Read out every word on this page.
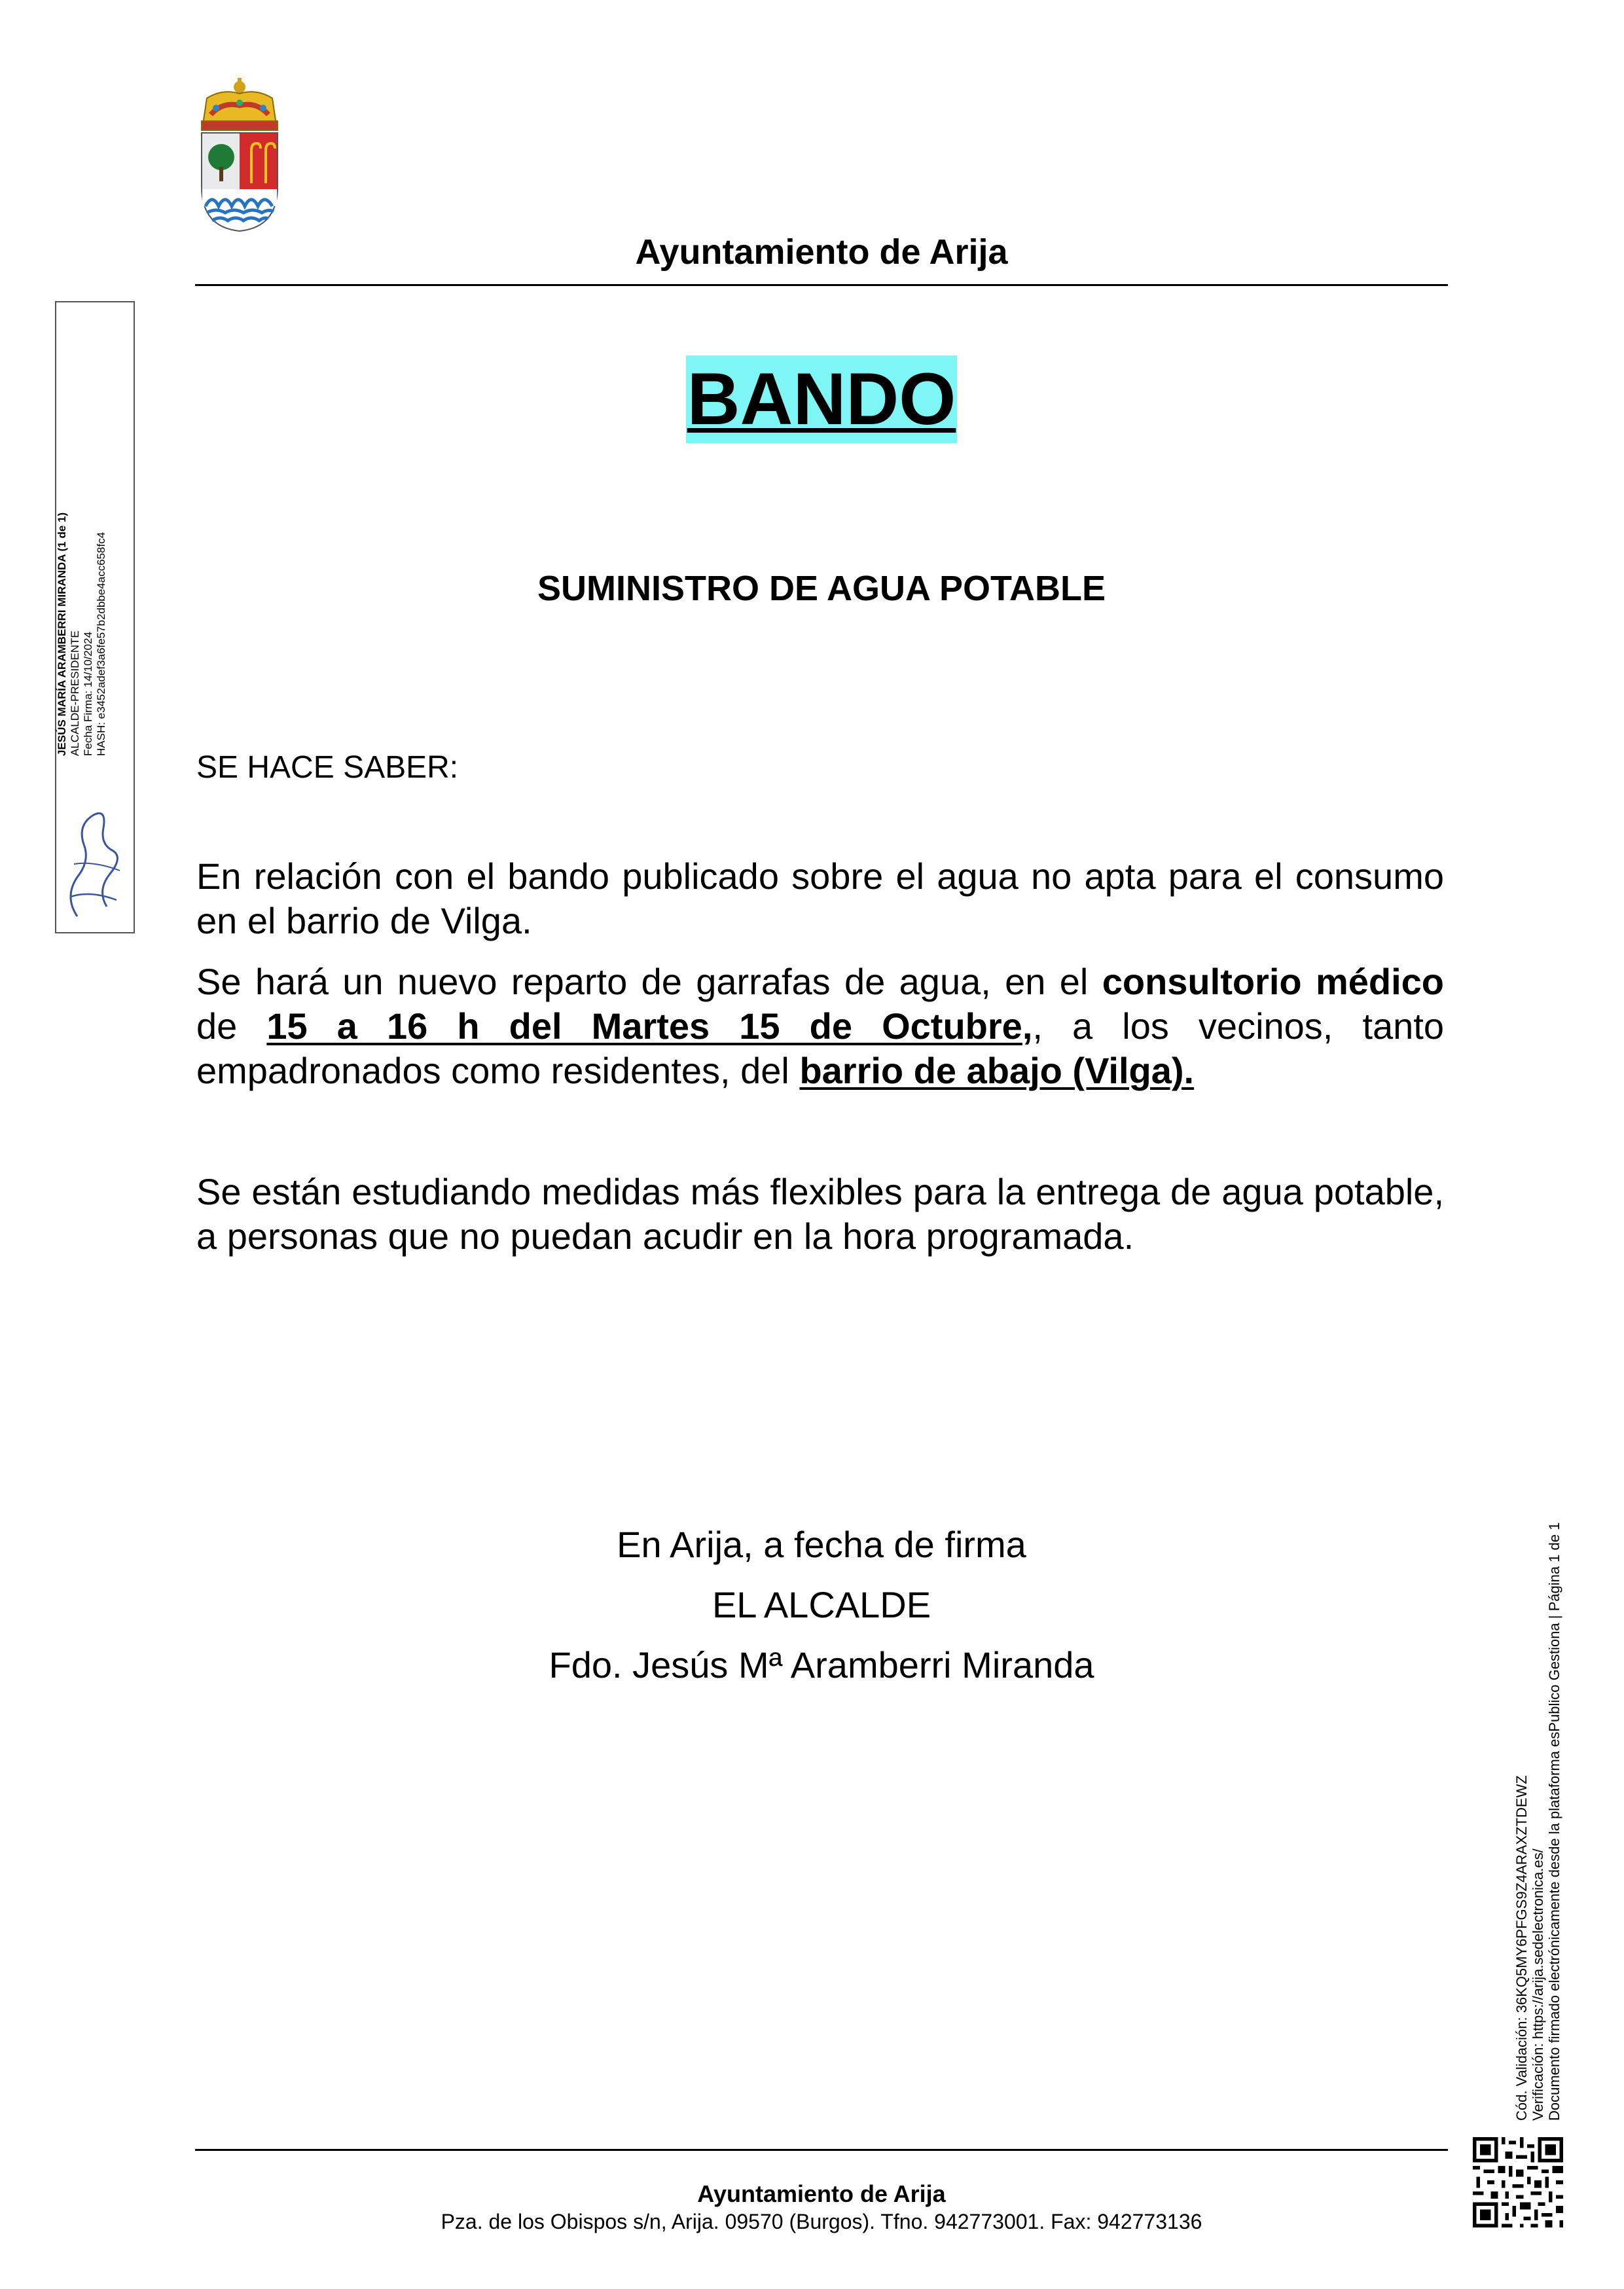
Ayuntamiento de Arija
BANDO
SUMINISTRO DE AGUA POTABLE
SE HACE SABER:
En relación con el bando publicado sobre el agua no apta para el consumo en el barrio de Vilga.
Se hará un nuevo reparto de garrafas de agua, en el consultorio médico de 15 a 16 h del Martes 15 de Octubre,, a los vecinos, tanto empadronados como residentes, del barrio de abajo (Vilga).
Se están estudiando medidas más flexibles para la entrega de agua potable, a personas que no puedan acudir en la hora programada.
En Arija, a fecha de firma
EL ALCALDE
Fdo. Jesús Mª Aramberri Miranda
Ayuntamiento de Arija
Pza. de los Obispos s/n, Arija. 09570 (Burgos). Tfno. 942773001. Fax: 942773136
JESÚS MARÍA ARAMBERRI MIRANDA (1 de 1) ALCALDE-PRESIDENTE Fecha Firma: 14/10/2024 HASH: e3452adef3a6fe57b2dbbe4acc658fc4
Cód. Validación: 36KQ5MY6PFGS9Z4ARAXZTDEWZ Verificación: https://arija.sedelectronica.es/ Documento firmado electrónicamente desde la plataforma esPublico Gestiona | Página 1 de 1
